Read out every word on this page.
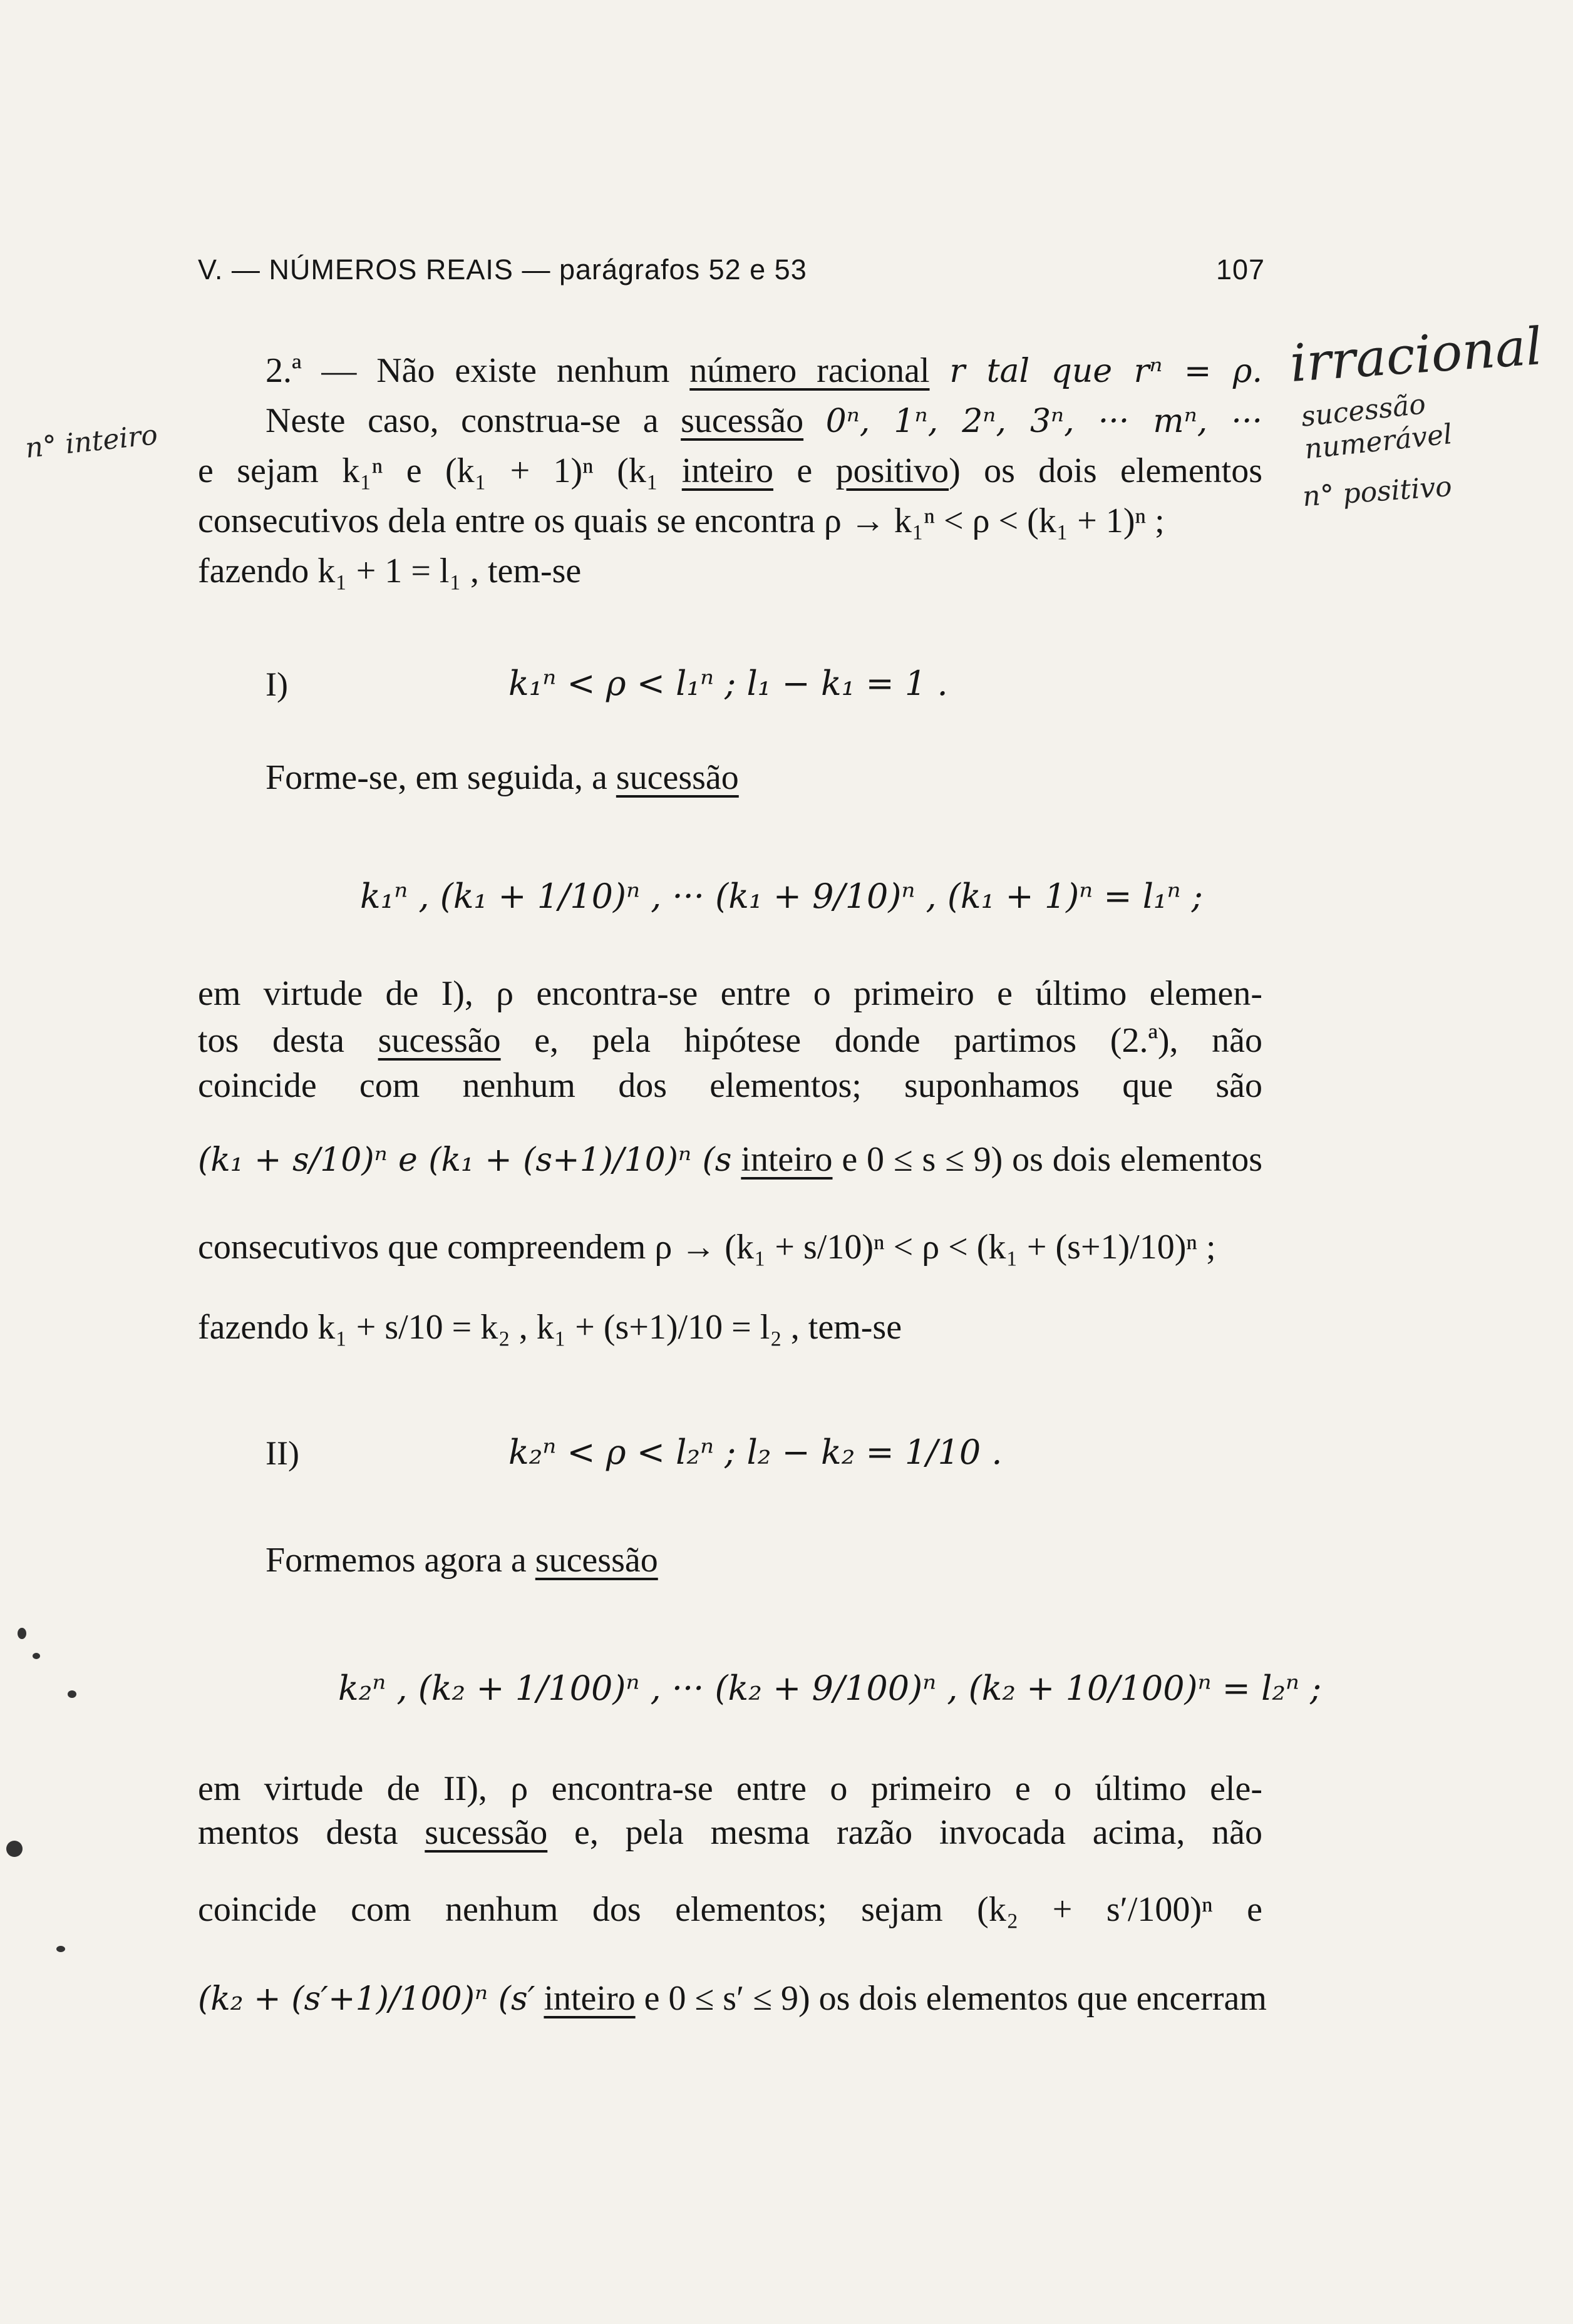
V. — NÚMEROS REAIS — parágrafos 52 e 53	107
irracional
sucessão numerável
n° positivo
n° inteiro
2.ª — Não existe nenhum número racional r tal que rⁿ = ρ.
Neste caso, construa-se a sucessão 0ⁿ, 1ⁿ, 2ⁿ, 3ⁿ, ··· mⁿ, ···
e sejam k₁ⁿ e (k₁ + 1)ⁿ (k₁ inteiro e positivo) os dois elementos
consecutivos dela entre os quais se encontra ρ → k₁ⁿ < ρ < (k₁ + 1)ⁿ ;
fazendo k₁ + 1 = l₁ , tem-se
I)	k₁ⁿ < ρ < l₁ⁿ ; l₁ − k₁ = 1 .
Forme-se, em seguida, a sucessão
k₁ⁿ , (k₁ + 1/10)ⁿ , ··· (k₁ + 9/10)ⁿ , (k₁ + 1)ⁿ = l₁ⁿ ;
em virtude de I), ρ encontra-se entre o primeiro e último elemen-
tos desta sucessão e, pela hipótese donde partimos (2.ª), não
coincide com nenhum dos elementos; suponhamos que são
(k₁ + s/10)ⁿ e (k₁ + (s+1)/10)ⁿ (s inteiro e 0 ≤ s ≤ 9) os dois elementos
consecutivos que compreendem ρ → (k₁ + s/10)ⁿ < ρ < (k₁ + (s+1)/10)ⁿ ;
fazendo k₁ + s/10 = k₂ , k₁ + (s+1)/10 = l₂ , tem-se
II)	k₂ⁿ < ρ < l₂ⁿ ; l₂ − k₂ = 1/10 .
Formemos agora a sucessão
k₂ⁿ , (k₂ + 1/100)ⁿ , ··· (k₂ + 9/100)ⁿ , (k₂ + 10/100)ⁿ = l₂ⁿ ;
em virtude de II), ρ encontra-se entre o primeiro e o último ele-
mentos desta sucessão e, pela mesma razão invocada acima, não
coincide com nenhum dos elementos; sejam (k₂ + s′/100)ⁿ e
(k₂ + (s′+1)/100)ⁿ (s′ inteiro e 0 ≤ s′ ≤ 9) os dois elementos que encerram
